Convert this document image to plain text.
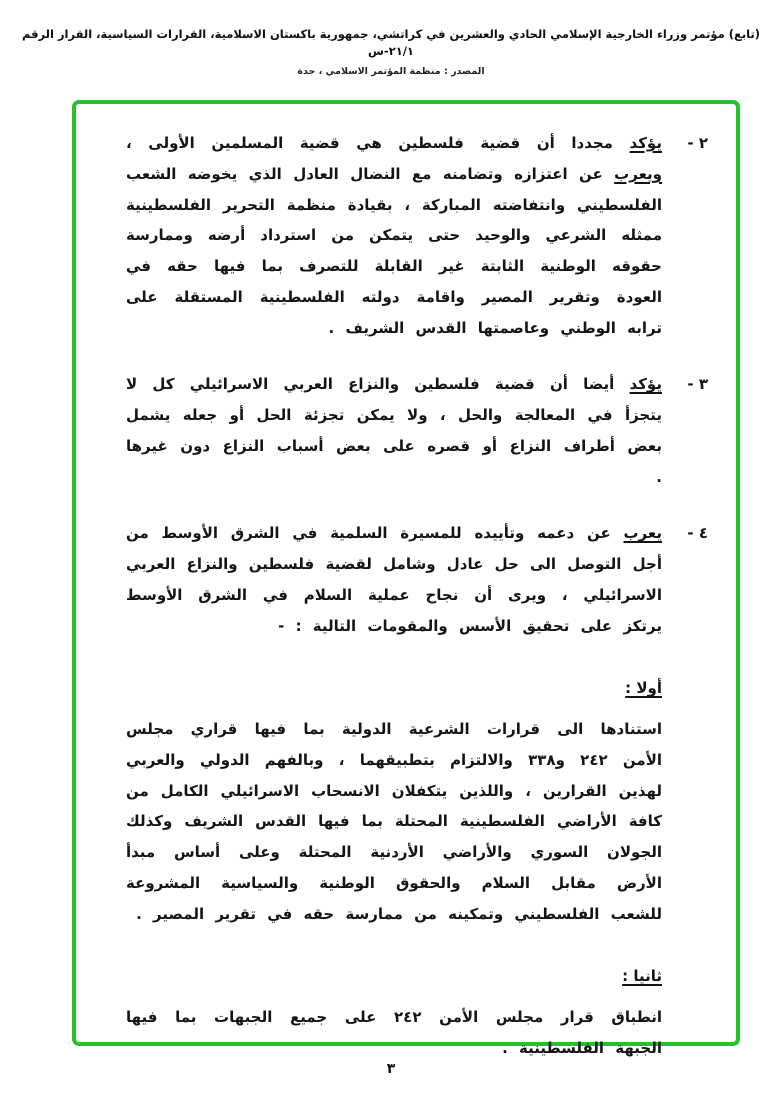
(تابع) مؤتمر وزراء الخارجية الإسلامي الحادي والعشرين في كراتشي، جمهورية باكستان الاسلامية، القرارات السياسية، القرار الرقم ٢١/١-س
المصدر : منظمة المؤتمر الاسلامي ، جدة
٢ -

يؤكد مجددا أن قضية فلسطين هي قضية المسلمين الأولى ، ويعرب عن اعتزازه وتضامنه مع النضال العادل الذي يخوضه الشعب الفلسطيني وانتفاضته المباركة ، بقيادة منظمة التحرير الفلسطينية ممثله الشرعي والوحيد حتى يتمكن من استرداد أرضه وممارسة حقوقه الوطنية الثابتة غير القابلة للتصرف بما فيها حقه في العودة وتقرير المصير واقامة دولته الفلسطينية المستقلة على ترابه الوطني وعاصمتها القدس الشريف .

٣ -

يؤكد أيضا أن قضية فلسطين والنزاع العربي الاسرائيلي كل لا يتجزأ في المعالجة والحل ، ولا يمكن تجزئة الحل أو جعله يشمل بعض أطراف النزاع أو قصره على بعض أسباب النزاع دون غيرها .

٤ -

يعرب عن دعمه وتأييده للمسيرة السلمية في الشرق الأوسط من أجل التوصل الى حل عادل وشامل لقضية فلسطين والنزاع العربي الاسرائيلي ، ويرى أن نجاح عملية السلام في الشرق الأوسط يرتكز على تحقيق الأسس والمقومات التالية : -

أولا :

استنادها الى قرارات الشرعية الدولية بما فيها قراري مجلس الأمن ٢٤٢ و٣٣٨ والالتزام بتطبيقهما ، وبالفهم الدولي والعربي لهذين القرارين ، واللذين يتكفلان الانسحاب الاسرائيلي الكامل من كافة الأراضي الفلسطينية المحتلة بما فيها القدس الشريف وكذلك الجولان السوري والأراضي الأردنية المحتلة وعلى أساس مبدأ الأرض مقابل السلام والحقوق الوطنية والسياسية المشروعة للشعب الفلسطيني وتمكينه من ممارسة حقه في تقرير المصير .

ثانيا :

انطباق قرار مجلس الأمن ٢٤٢ على جميع الجبهات بما فيها الجبهة الفلسطينية .

٣
